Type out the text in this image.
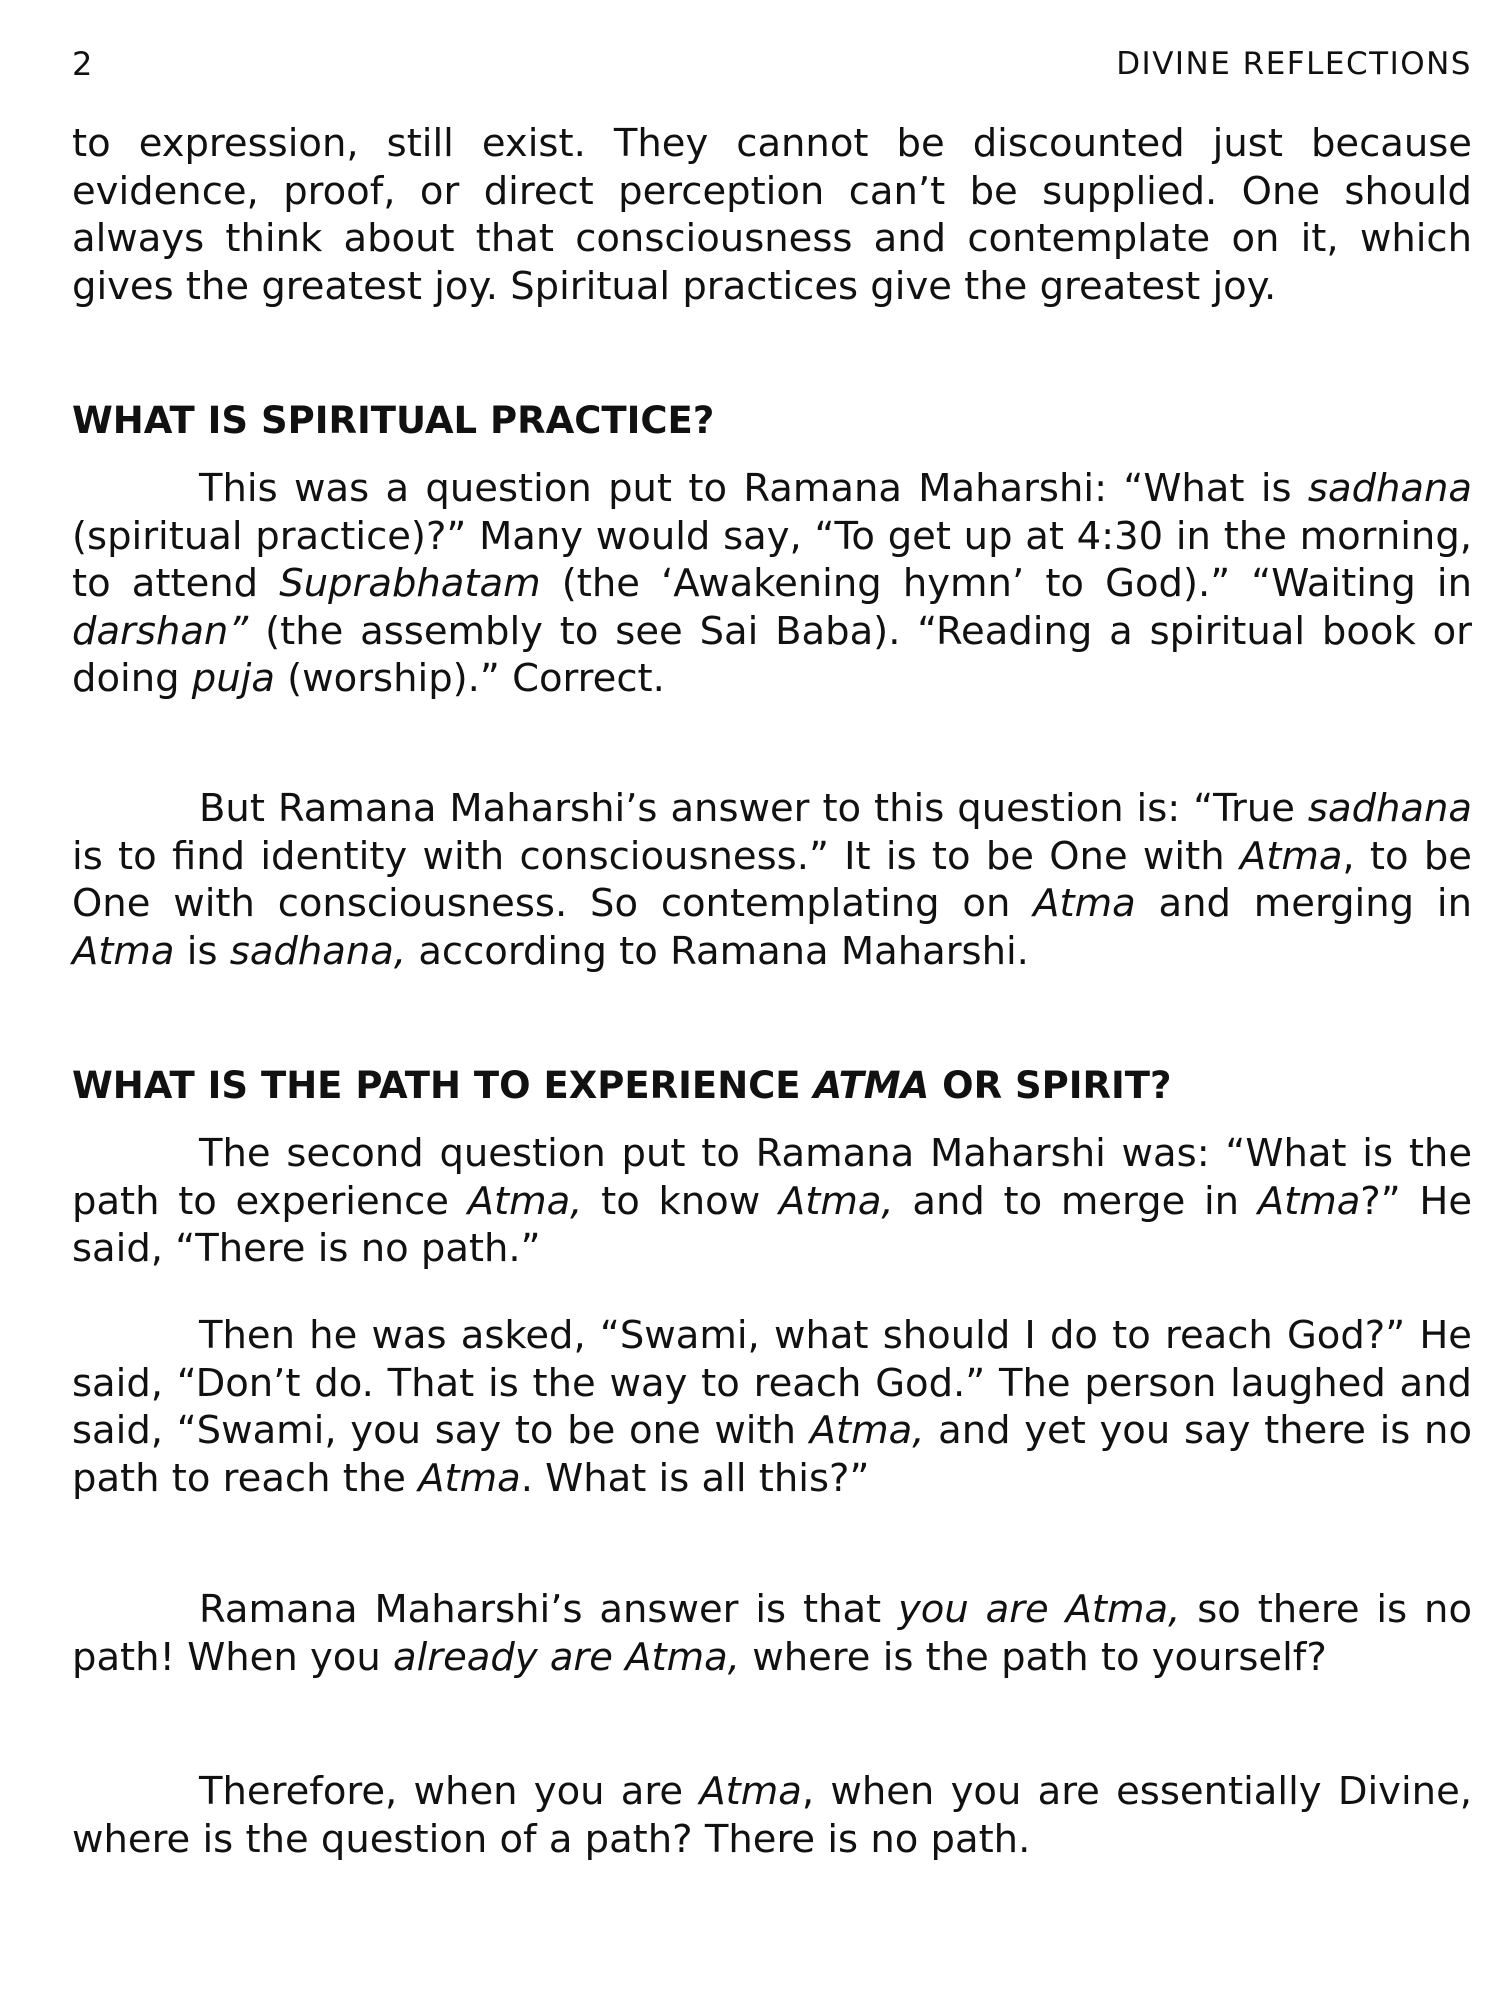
2	DIVINE REFLECTIONS

to expression, still exist. They cannot be discounted just because evidence, proof, or direct perception can’t be supplied. One should always think about that consciousness and contemplate on it, which gives the greatest joy. Spiritual practices give the greatest joy.

WHAT IS SPIRITUAL PRACTICE?

This was a question put to Ramana Maharshi: “What is sadhana (spiritual practice)?” Many would say, “To get up at 4:30 in the morning, to attend Suprabhatam (the ‘Awakening hymn’ to God).” “Waiting in darshan” (the assembly to see Sai Baba). “Reading a spiritual book or doing puja (worship).” Correct.

But Ramana Maharshi’s answer to this question is: “True sadhana is to find identity with consciousness.” It is to be One with Atma, to be One with consciousness. So contemplating on Atma and merging in Atma is sadhana, according to Ramana Maharshi.

WHAT IS THE PATH TO EXPERIENCE ATMA OR SPIRIT?

The second question put to Ramana Maharshi was: “What is the path to experience Atma, to know Atma, and to merge in Atma?” He said, “There is no path.”

Then he was asked, “Swami, what should I do to reach God?” He said, “Don’t do. That is the way to reach God.” The person laughed and said, “Swami, you say to be one with Atma, and yet you say there is no path to reach the Atma. What is all this?”

Ramana Maharshi’s answer is that you are Atma, so there is no path! When you already are Atma, where is the path to yourself?

Therefore, when you are Atma, when you are essentially Divine, where is the question of a path? There is no path.
